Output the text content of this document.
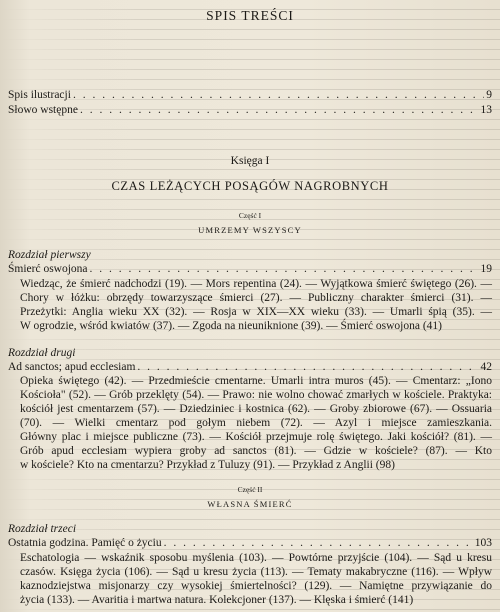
SPIS TREŚCI
Spis ilustracji . . .	9
Słowo wstępne . . .	13
Księga I
CZAS LEŻĄCYCH POSĄGÓW NAGROBNYCH
Część I
UMRZEMY WSZYSCY
Rozdział pierwszy
Śmierć oswojona . . .	19
Wiedząc, że śmierć nadchodzi (19). — Mors repentina (24). — Wyjątkowa śmierć świętego (26). —
Chory w łóżku: obrzędy towarzyszące śmierci (27). — Publiczny charakter śmierci (31). —
Przeżytki: Anglia wieku XX (32). — Rosja w XIX—XX wieku (33). — Umarli śpią (35). —
W ogrodzie, wśród kwiatów (37). — Zgoda na nieuniknione (39). — Śmierć oswojona (41)
Rozdział drugi
Ad sanctos; apud ecclesiam . . .	42
Opieka świętego (42). — Przedmieście cmentarne. Umarli intra muros (45). — Cmentarz: „Iono
Kościoła" (52). — Grób przeklęty (54). — Prawo: nie wolno chować zmarłych w kościele. Praktyka:
kościół jest cmentarzem (57). — Dziedziniec i kostnica (62). — Groby zbiorowe (67). — Ossuaria
(70). — Wielki cmentarz pod gołym niebem (72). — Azyl i miejsce zamieszkania.
Główny plac i miejsce publiczne (73). — Kościół przejmuje rolę świętego. Jaki kościół? (81). —
Grób apud ecclesiam wypiera groby ad sanctos (81). — Gdzie w kościele? (87). — Kto
w kościele? Kto na cmentarzu? Przykład z Tuluzy (91). — Przykład z Anglii (98)
Część II
WŁASNA ŚMIERĆ
Rozdział trzeci
Ostatnia godzina. Pamięć o życiu . . .	103
Eschatologia — wskaźnik sposobu myślenia (103). — Powtórne przyjście (104). — Sąd u kresu
czasów. Księga życia (106). — Sąd u kresu życia (113). — Tematy makabryczne (116). — Wpływ
kaznodziejstwa misjonarzy czy wysokiej śmiertelności? (129). — Namiętne przywiązanie do
życia (133). — Avaritia i martwa natura. Kolekcjoner (137). — Klęska i śmierć (141)
